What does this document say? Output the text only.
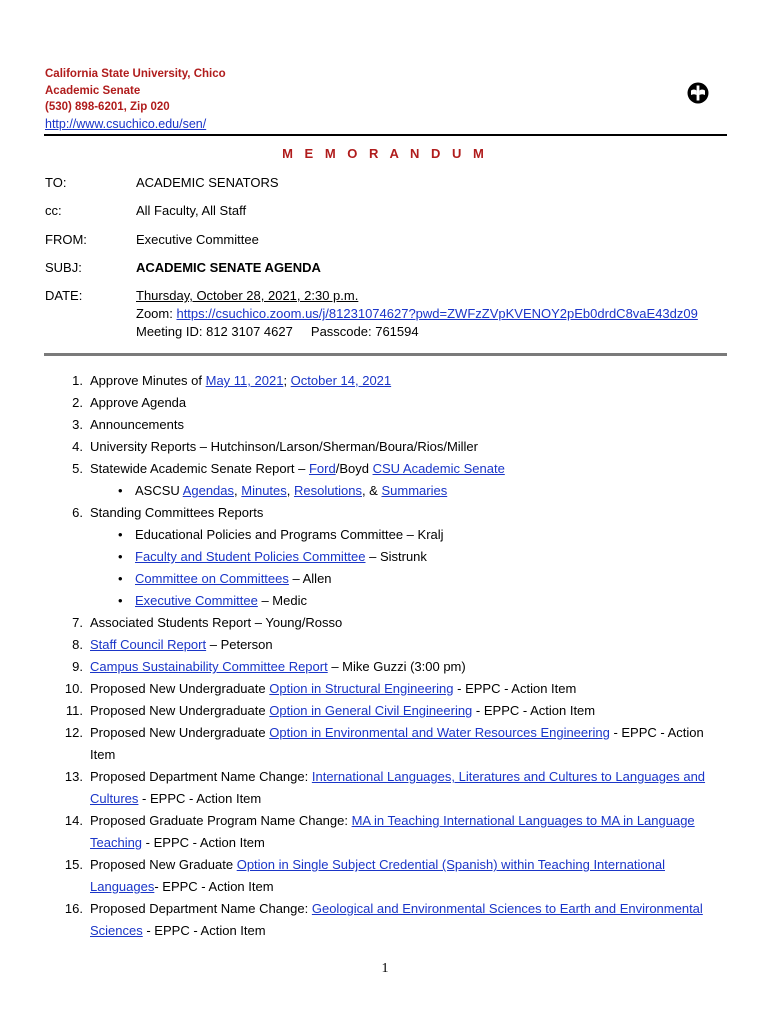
California State University, Chico
Academic Senate
(530) 898-6201, Zip 020
http://www.csuchico.edu/sen/
M E M O R A N D U M
TO:	ACADEMIC SENATORS
cc:	All Faculty, All Staff
FROM:	Executive Committee
SUBJ:	ACADEMIC SENATE AGENDA
DATE:	Thursday, October 28, 2021, 2:30 p.m.
Zoom: https://csuchico.zoom.us/j/81231074627?pwd=ZWFzZVpKVENOY2pEb0drdC8vaE43dz09
Meeting ID: 812 3107 4627     Passcode: 761594
1. Approve Minutes of May 11, 2021; October 14, 2021
2. Approve Agenda
3. Announcements
4. University Reports – Hutchinson/Larson/Sherman/Boura/Rios/Miller
5. Statewide Academic Senate Report – Ford/Boyd CSU Academic Senate
• ASCSU Agendas, Minutes, Resolutions, & Summaries
6. Standing Committees Reports
• Educational Policies and Programs Committee – Kralj
• Faculty and Student Policies Committee – Sistrunk
• Committee on Committees – Allen
• Executive Committee – Medic
7. Associated Students Report – Young/Rosso
8. Staff Council Report – Peterson
9. Campus Sustainability Committee Report – Mike Guzzi (3:00 pm)
10. Proposed New Undergraduate Option in Structural Engineering - EPPC - Action Item
11. Proposed New Undergraduate Option in General Civil Engineering - EPPC - Action Item
12. Proposed New Undergraduate Option in Environmental and Water Resources Engineering - EPPC - Action Item
13. Proposed Department Name Change: International Languages, Literatures and Cultures to Languages and Cultures - EPPC - Action Item
14. Proposed Graduate Program Name Change: MA in Teaching International Languages to MA in Language Teaching - EPPC - Action Item
15. Proposed New Graduate Option in Single Subject Credential (Spanish) within Teaching International Languages- EPPC - Action Item
16. Proposed Department Name Change: Geological and Environmental Sciences to Earth and Environmental Sciences - EPPC - Action Item
1
